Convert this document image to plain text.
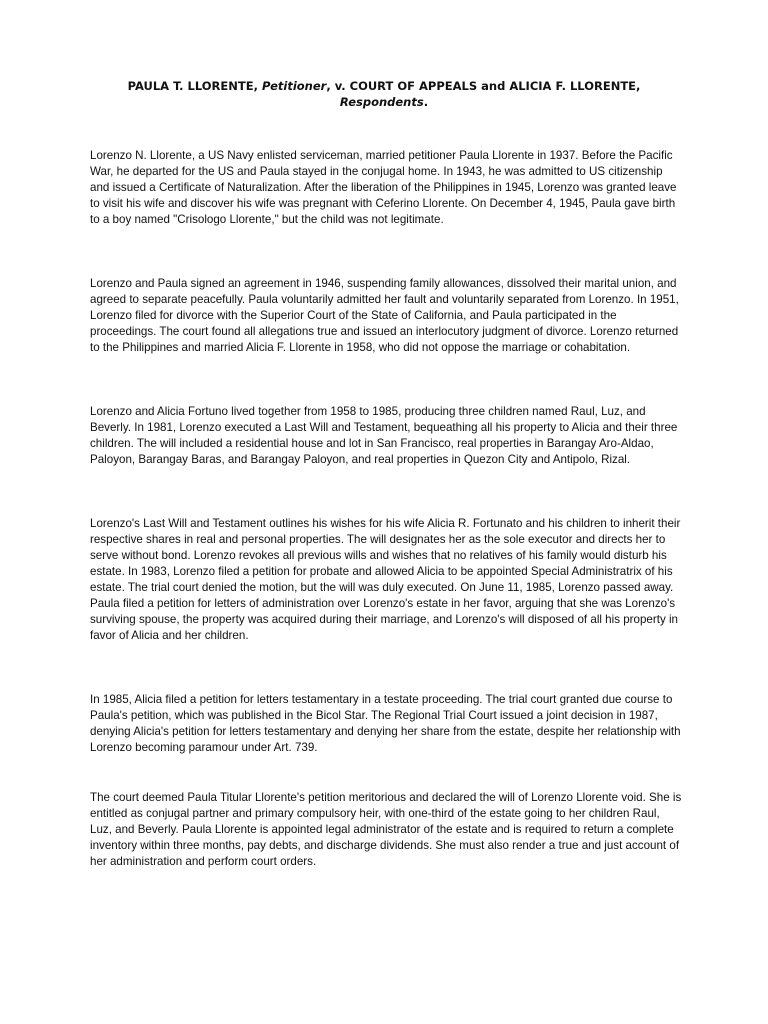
PAULA T. LLORENTE, Petitioner, v. COURT OF APPEALS and ALICIA F. LLORENTE, Respondents.

Lorenzo N. Llorente, a US Navy enlisted serviceman, married petitioner Paula Llorente in 1937. Before the Pacific War, he departed for the US and Paula stayed in the conjugal home. In 1943, he was admitted to US citizenship and issued a Certificate of Naturalization. After the liberation of the Philippines in 1945, Lorenzo was granted leave to visit his wife and discover his wife was pregnant with Ceferino Llorente. On December 4, 1945, Paula gave birth to a boy named "Crisologo Llorente," but the child was not legitimate.

Lorenzo and Paula signed an agreement in 1946, suspending family allowances, dissolved their marital union, and agreed to separate peacefully. Paula voluntarily admitted her fault and voluntarily separated from Lorenzo. In 1951, Lorenzo filed for divorce with the Superior Court of the State of California, and Paula participated in the proceedings. The court found all allegations true and issued an interlocutory judgment of divorce. Lorenzo returned to the Philippines and married Alicia F. Llorente in 1958, who did not oppose the marriage or cohabitation.

Lorenzo and Alicia Fortuno lived together from 1958 to 1985, producing three children named Raul, Luz, and Beverly. In 1981, Lorenzo executed a Last Will and Testament, bequeathing all his property to Alicia and their three children. The will included a residential house and lot in San Francisco, real properties in Barangay Aro-Aldao, Paloyon, Barangay Baras, and Barangay Paloyon, and real properties in Quezon City and Antipolo, Rizal.

Lorenzo's Last Will and Testament outlines his wishes for his wife Alicia R. Fortunato and his children to inherit their respective shares in real and personal properties. The will designates her as the sole executor and directs her to serve without bond. Lorenzo revokes all previous wills and wishes that no relatives of his family would disturb his estate. In 1983, Lorenzo filed a petition for probate and allowed Alicia to be appointed Special Administratrix of his estate. The trial court denied the motion, but the will was duly executed. On June 11, 1985, Lorenzo passed away. Paula filed a petition for letters of administration over Lorenzo's estate in her favor, arguing that she was Lorenzo's surviving spouse, the property was acquired during their marriage, and Lorenzo's will disposed of all his property in favor of Alicia and her children.

In 1985, Alicia filed a petition for letters testamentary in a testate proceeding. The trial court granted due course to Paula's petition, which was published in the Bicol Star. The Regional Trial Court issued a joint decision in 1987, denying Alicia's petition for letters testamentary and denying her share from the estate, despite her relationship with Lorenzo becoming paramour under Art. 739.

The court deemed Paula Titular Llorente's petition meritorious and declared the will of Lorenzo Llorente void. She is entitled as conjugal partner and primary compulsory heir, with one-third of the estate going to her children Raul, Luz, and Beverly. Paula Llorente is appointed legal administrator of the estate and is required to return a complete inventory within three months, pay debts, and discharge dividends. She must also render a true and just account of her administration and perform court orders.
